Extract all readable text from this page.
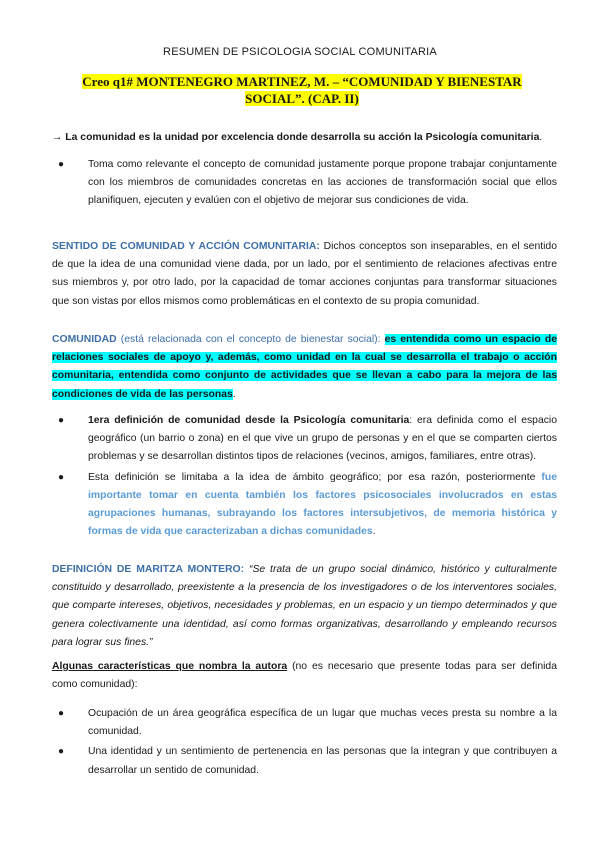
RESUMEN DE PSICOLOGIA SOCIAL COMUNITARIA
Creo q1# MONTENEGRO MARTINEZ, M. – “COMUNIDAD Y BIENESTAR SOCIAL”. (CAP. II)
→ La comunidad es la unidad por excelencia donde desarrolla su acción la Psicología comunitaria.
● Toma como relevante el concepto de comunidad justamente porque propone trabajar conjuntamente con los miembros de comunidades concretas en las acciones de transformación social que ellos planifiquen, ejecuten y evalúen con el objetivo de mejorar sus condiciones de vida.
SENTIDO DE COMUNIDAD Y ACCIÓN COMUNITARIA: Dichos conceptos son inseparables, en el sentido de que la idea de una comunidad viene dada, por un lado, por el sentimiento de relaciones afectivas entre sus miembros y, por otro lado, por la capacidad de tomar acciones conjuntas para transformar situaciones que son vistas por ellos mismos como problemáticas en el contexto de su propia comunidad.
COMUNIDAD (está relacionada con el concepto de bienestar social): es entendida como un espacio de relaciones sociales de apoyo y, además, como unidad en la cual se desarrolla el trabajo o acción comunitaria, entendida como conjunto de actividades que se llevan a cabo para la mejora de las condiciones de vida de las personas.
● 1era definición de comunidad desde la Psicología comunitaria: era definida como el espacio geográfico (un barrio o zona) en el que vive un grupo de personas y en el que se comparten ciertos problemas y se desarrollan distintos tipos de relaciones (vecinos, amigos, familiares, entre otras).
● Esta definición se limitaba a la idea de ámbito geográfico; por esa razón, posteriormente fue importante tomar en cuenta también los factores psicosociales involucrados en estas agrupaciones humanas, subrayando los factores intersubjetivos, de memoria histórica y formas de vida que caracterizaban a dichas comunidades.
DEFINICIÓN DE MARITZA MONTERO: “Se trata de un grupo social dinámico, histórico y culturalmente constituido y desarrollado, preexistente a la presencia de los investigadores o de los interventores sociales, que comparte intereses, objetivos, necesidades y problemas, en un espacio y un tiempo determinados y que genera colectivamente una identidad, así como formas organizativas, desarrollando y empleando recursos para lograr sus fines.”
Algunas características que nombra la autora (no es necesario que presente todas para ser definida como comunidad):
● Ocupación de un área geográfica específica de un lugar que muchas veces presta su nombre a la comunidad.
● Una identidad y un sentimiento de pertenencia en las personas que la integran y que contribuyen a desarrollar un sentido de comunidad.
